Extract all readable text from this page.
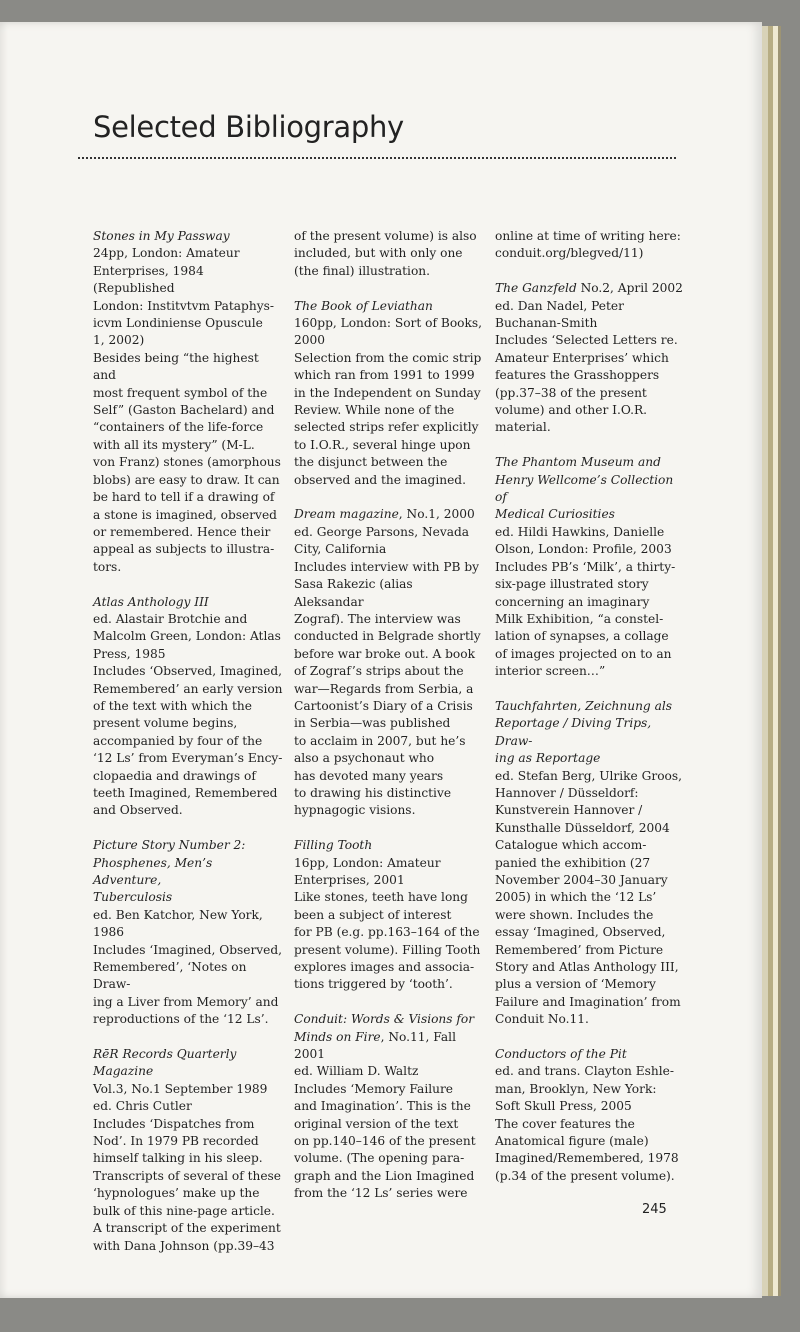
Selected Bibliography
Stones in My Passway
24pp, London: Amateur
Enterprises, 1984 (Republished
London: Institvtvm Pataphys-
icvm Londiniense Opuscule
1, 2002)
Besides being “the highest and
most frequent symbol of the
Self” (Gaston Bachelard) and
“containers of the life-force
with all its mystery” (M-L.
von Franz) stones (amorphous
blobs) are easy to draw. It can
be hard to tell if a drawing of
a stone is imagined, observed
or remembered. Hence their
appeal as subjects to illustra-
tors.
Atlas Anthology III
ed. Alastair Brotchie and
Malcolm Green, London: Atlas
Press, 1985
Includes ‘Observed, Imagined,
Remembered’ an early version
of the text with which the
present volume begins,
accompanied by four of the
‘12 Ls’ from Everyman’s Ency-
clopaedia and drawings of
teeth Imagined, Remembered
and Observed.
Picture Story Number 2:
Phosphenes, Men’s Adventure,
Tuberculosis
ed. Ben Katchor, New York,
1986
Includes ‘Imagined, Observed,
Remembered’, ‘Notes on Draw-
ing a Liver from Memory’ and
reproductions of the ‘12 Ls’.
RēR Records Quarterly Magazine
Vol.3, No.1 September 1989
ed. Chris Cutler
Includes ‘Dispatches from
Nod’. In 1979 PB recorded
himself talking in his sleep.
Transcripts of several of these
‘hypnologues’ make up the
bulk of this nine-page article.
A transcript of the experiment
with Dana Johnson (pp.39–43
of the present volume) is also
included, but with only one
(the final) illustration.
The Book of Leviathan
160pp, London: Sort of Books,
2000
Selection from the comic strip
which ran from 1991 to 1999
in the Independent on Sunday
Review. While none of the
selected strips refer explicitly
to I.O.R., several hinge upon
the disjunct between the
observed and the imagined.
Dream magazine, No.1, 2000
ed. George Parsons, Nevada
City, California
Includes interview with PB by
Sasa Rakezic (alias Aleksandar
Zograf). The interview was
conducted in Belgrade shortly
before war broke out. A book
of Zograf’s strips about the
war—Regards from Serbia, a
Cartoonist’s Diary of a Crisis
in Serbia—was published
to acclaim in 2007, but he’s
also a psychonaut who
has devoted many years
to drawing his distinctive
hypnagogic visions.
Filling Tooth
16pp, London: Amateur
Enterprises, 2001
Like stones, teeth have long
been a subject of interest
for PB (e.g. pp.163–164 of the
present volume). Filling Tooth
explores images and associa-
tions triggered by ‘tooth’.
Conduit: Words & Visions for
Minds on Fire, No.11, Fall 2001
ed. William D. Waltz
Includes ‘Memory Failure
and Imagination’. This is the
original version of the text
on pp.140–146 of the present
volume. (The opening para-
graph and the Lion Imagined
from the ‘12 Ls’ series were
online at time of writing here:
conduit.org/blegved/11)
The Ganzfeld No.2, April 2002
ed. Dan Nadel, Peter
Buchanan-Smith
Includes ‘Selected Letters re.
Amateur Enterprises’ which
features the Grasshoppers
(pp.37–38 of the present
volume) and other I.O.R.
material.
The Phantom Museum and
Henry Wellcome’s Collection of
Medical Curiosities
ed. Hildi Hawkins, Danielle
Olson, London: Profile, 2003
Includes PB’s ‘Milk’, a thirty-
six-page illustrated story
concerning an imaginary
Milk Exhibition, “a constel-
lation of synapses, a collage
of images projected on to an
interior screen…”
Tauchfahrten, Zeichnung als
Reportage / Diving Trips, Draw-
ing as Reportage
ed. Stefan Berg, Ulrike Groos,
Hannover / Düsseldorf:
Kunstverein Hannover /
Kunsthalle Düsseldorf, 2004
Catalogue which accom-
panied the exhibition (27
November 2004–30 January
2005) in which the ‘12 Ls’
were shown. Includes the
essay ‘Imagined, Observed,
Remembered’ from Picture
Story and Atlas Anthology III,
plus a version of ‘Memory
Failure and Imagination’ from
Conduit No.11.
Conductors of the Pit
ed. and trans. Clayton Eshle-
man, Brooklyn, New York:
Soft Skull Press, 2005
The cover features the
Anatomical figure (male)
Imagined/Remembered, 1978
(p.34 of the present volume).
245
